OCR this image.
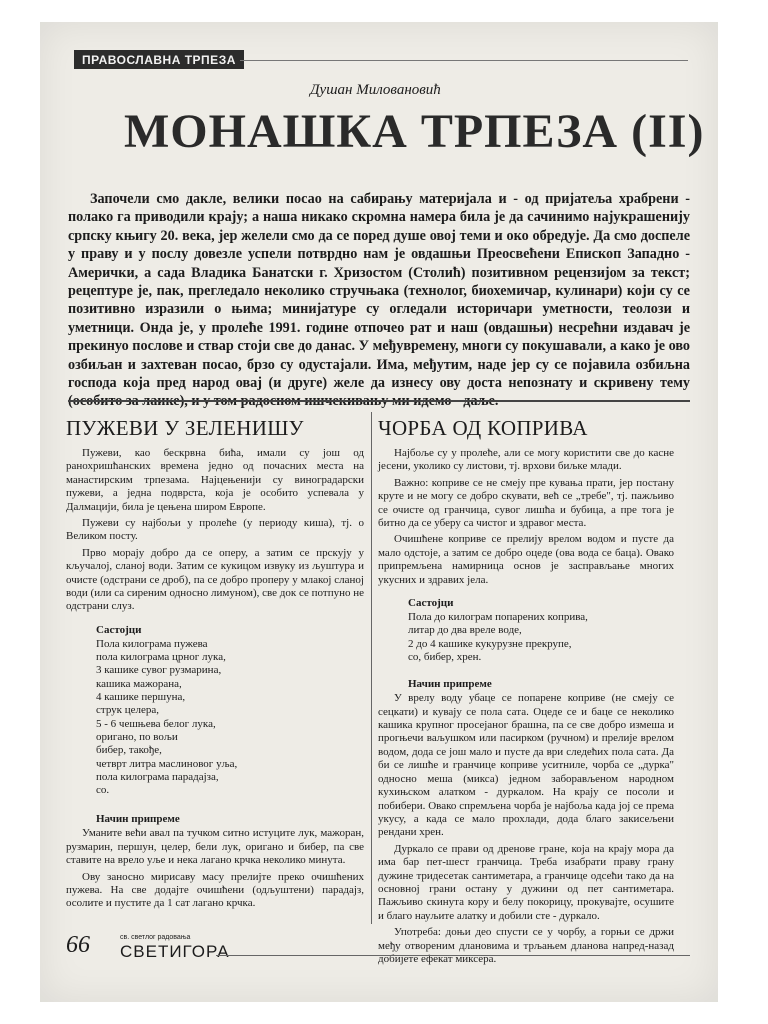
ПРАВОСЛАВНА ТРПЕЗА
Душан Миловановић
МОНАШКА ТРПЕЗА (II)

Започели смо дакле, велики посао на сабирању материјала и - од пријатеља храбрени - полако га приводили крају; а наша никако скромна намера била је да сачинимо најукрашенију српску књигу 20. века, јер желели смо да се поред душе овој теми и око обредује. Да смо доспеле у праву и у послу довезле успели потврдно нам је овдашњи Преосвећени Епископ Западно - Амерички, а сада Владика Банатски г. Хризостом (Столић) позитивном рецензијом за текст; рецептуре је, пак, прегледало неколико стручњака (технолог, биохемичар, кулинари) који су се позитивно изразили о њима; минијатуре су огледали историчари уметности, теолози и уметници. Онда је, у пролеће 1991. године отпочео рат и наш (овдашњи) несрећни издавач је прекинуо послове и ствар стоји све до данас. У међувремену, многи су покушавали, а како је ово озбиљан и захтеван посао, брзо су одустајали. Има, међутим, наде јер су се појавила озбиљна господа која пред народ овај (и друге) желе да изнесу ову доста непознату и скривену тему (особито за лаике), и у том радосном ишчекивању ми идемо - даље.

ПУЖЕВИ У ЗЕЛЕНИШУ

Пужеви, као бескрвна бића, имали су још од ранохришћанских времена једно од почасних места на манастирским трпезама. Најцењенији су виноградарски пужеви, а једна подврста, која је особито успевала у Далмацији, била је цењена широм Европе.

Пужеви су најбољи у пролеће (у периоду киша), тј. о Великом посту.

Прво морају добро да се оперу, а затим се прскују у кључалој, сланој води. Затим се кукицом извуку из љуштура и очисте (одстрани се дроб), па се добро проперу у млакој сланој води (или са сиреним односно лимуном), све док се потпуно не одстрани слуз.

Састојци
Пола килограма пужева
пола килограма црног лука,
3 кашике сувог рузмарина,
кашика мажорана,
4 кашике першуна,
струк целера,
5 - 6 чешњева белог лука,
ориганo, по вољи
бибер, такође,
четврт литра маслиновог уља,
пола килограма парадајза,
со.
Начин припреме

Уманите већи авал па тучком ситно истуците лук, мажоран, рузмарин, першун, целер, бели лук, ориганo и бибер, па све ставите на врело уље и нека лагано крчка неколико минута.

Ову заносно мирисаву масу прелијте преко очишћених пужева. На све додајте очишћени (одљуштени) парадајз, осолите и пустите да 1 сат лагано крчка.

ЧОРБА ОД КОПРИВА

Најбоље су у пролеће, али се могу користити све до касне јесени, уколико су листови, тј. врхови биљке млади.

Важно: коприве се не смеју пре кувања прати, јер постану круте и не могу се добро скувати, већ се „требе", тј. пажљиво се очисте од гранчица, сувог лишћа и бубица, а пре тога је битно да се уберу са чистог и здравог места.

Очишћене коприве се прелију врелом водом и пусте да мало одстоје, а затим се добро оцеде (ова вода се баца). Овако припремљена намирница основ је засправљање многих укусних и здравих јела.

Састојци
Пола до килограм попарених коприва,
литар до два вреле воде,
2 до 4 кашике кукурузне прекрупе,
со, бибер, хрен.
Начин припреме

У врелу воду убаце се попарене коприве (не смеју се сецкати) и кувају се пола сата. Оцеде се и баце се неколико кашика крупног просејаног брашна, па се све добро измеша и прогњечи ваљушком или пасирком (ручном) и прелије врелом водом, дода се још мало и пусте да ври следећих пола сата. Да би се лишће и гранчице коприве уситниле, чорба се „дурка" односно меша (микса) једном заборављеном народном кухињском алатком - дуркалом. На крају се посоли и побибери. Овако спремљена чорба је најбоља када јој се према укусу, а када се мало прохлади, дода благо закисељени рендани хрен.

Дуркало се прави од дреновe гране, која на крају мора да има бар пет-шест гранчица. Треба изабрати праву грану дужине тридесетак сантиметара, а гранчице одсећи тако да на основној грани остану у дужини од пет сантиметара. Пажљиво скинута кору и белу покорицу, прокувајте, осушите и благо науљите алатку и добили сте - дуркало.

Употреба: доњи део спусти се у чорбу, а горњи се држи међу отвореним длановима и трљањем дланова напред-назад добијете ефекат миксера.

66	св. светлог радовања
СВЕТИГОРА
